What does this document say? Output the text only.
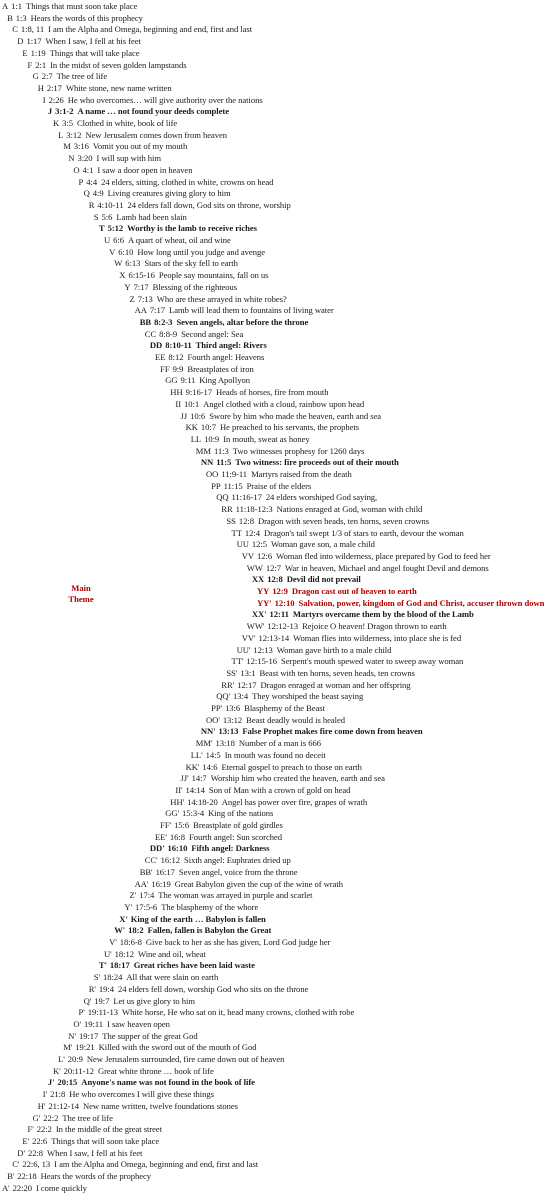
A 1:1 Things that must soon take place
B 1:3 Hears the words of this prophecy
C 1:8, 11 I am the Alpha and Omega, beginning and end, first and last
D 1:17 When I saw, I fell at his feet
E 1:19 Things that will take place
F 2:1 In the midst of seven golden lampstands
G 2:7 The tree of life
H 2:17 White stone, new name written
I 2:26 He who overcomes… will give authority over the nations
J 3:1-2 A name … not found your deeds complete
K 3:5 Clothed in white, book of life
L 3:12 New Jerusalem comes down from heaven
M 3:16 Vomit you out of my mouth
N 3:20 I will sup with him
O 4:1 I saw a door open in heaven
P 4:4 24 elders, sitting, clothed in white, crowns on head
Q 4:9 Living creatures giving glory to him
R 4:10-11 24 elders fall down, God sits on throne, worship
S 5:6 Lamb had been slain
T 5:12 Worthy is the lamb to receive riches
U 6:6 A quart of wheat, oil and wine
V 6:10 How long until you judge and avenge
W 6:13 Stars of the sky fell to earth
X 6:15-16 People say mountains, fall on us
Y 7:17 Blessing of the righteous
Z 7:13 Who are these arrayed in white robes?
AA 7:17 Lamb will lead them to fountains of living water
BB 8:2-3 Seven angels, altar before the throne
CC 8:8-9 Second angel: Sea
DD 8:10-11 Third angel: Rivers
EE 8:12 Fourth angel: Heavens
FF 9:9 Breastplates of iron
GG 9:11 King Apollyon
HH 9:16-17 Heads of horses, fire from mouth
II 10:1 Angel clothed with a cloud, rainbow upon head
JJ 10:6 Swore by him who made the heaven, earth and sea
KK 10:7 He preached to his servants, the prophets
LL 10:9 In mouth, sweat as honey
MM 11:3 Two witnesses prophesy for 1260 days
NN 11:5 Two witness: fire proceeds out of their mouth
OO 11:9-11 Martyrs raised from the death
PP 11:15 Praise of the elders
QQ 11:16-17 24 elders worshiped God saying,
RR 11:18-12:3 Nations enraged at God, woman with child
SS 12:8 Dragon with seven heads, ten horns, seven crowns
TT 12:4 Dragon's tail swept 1/3 of stars to earth, devour the woman
UU 12:5 Woman gave son, a male child
VV 12:6 Woman fled into wilderness, place prepared by God to feed her
WW 12:7 War in heaven, Michael and angel fought Devil and demons
XX 12:8 Devil did not prevail
YY 12:9 Dragon cast out of heaven to earth
YY' 12:10 Salvation, power, kingdom of God and Christ, accuser thrown down
XX' 12:11 Martyrs overcame them by the blood of the Lamb
WW' 12:12-13 Rejoice O heaven! Dragon thrown to earth
VV' 12:13-14 Woman flies into wilderness, into place she is fed
UU' 12:13 Woman gave birth to a male child
TT' 12:15-16 Serpent's mouth spewed water to sweep away woman
SS' 13:1 Beast with ten horns, seven heads, ten crowns
RR' 12:17 Dragon enraged at woman and her offspring
QQ' 13:4 They worshiped the beast saying
PP' 13:6 Blasphemy of the Beast
OO' 13:12 Beast deadly would is healed
NN' 13:13 False Prophet makes fire come down from heaven
MM' 13:18 Number of a man is 666
LL' 14:5 In mouth was found no deceit
KK' 14:6 Eternal gospel to preach to those on earth
JJ' 14:7 Worship him who created the heaven, earth and sea
II' 14:14 Son of Man with a crown of gold on head
HH' 14:18-20 Angel has power over fire, grapes of wrath
GG' 15:3-4 King of the nations
FF' 15:6 Breastplate of gold girdles
EE' 16:8 Fourth angel: Sun scorched
DD' 16:10 Fifth angel: Darkness
CC' 16:12 Sixth angel: Euphrates dried up
BB' 16:17 Seven angel, voice from the throne
AA' 16:19 Great Babylon given the cup of the wine of wrath
Z' 17:4 The woman was arrayed in purple and scarlet
Y' 17:5-6 The blasphemy of the whore
X' King of the earth … Babylon is fallen
W' 18:2 Fallen, fallen is Babylon the Great
V' 18:6-8 Give back to her as she has given, Lord God judge her
U' 18:12 Wine and oil, wheat
T' 18:17 Great riches have been laid waste
S' 18:24 All that were slain on earth
R' 19:4 24 elders fell down, worship God who sits on the throne
Q' 19:7 Let us give glory to him
P' 19:11-13 White horse, He who sat on it, head many crowns, clothed with robe
O' 19:11 I saw heaven open
N' 19:17 The supper of the great God
M' 19:21 Killed with the sword out of the mouth of God
L' 20:9 New Jerusalem surrounded, fire came down out of heaven
K' 20:11-12 Great white throne … book of life
J' 20:15 Anyone's name was not found in the book of life
I' 21:8 He who overcomes I will give these things
H' 21:12-14 New name written, twelve foundations stones
G' 22:2 The tree of life
F' 22:2 In the middle of the great street
E' 22:6 Things that will soon take place
D' 22:8 When I saw, I fell at his feet
C' 22:6, 13 I am the Alpha and Omega, beginning and end, first and last
B' 22:18 Hears the words of the prophecy
A' 22:20 I come quickly
Main
Theme
